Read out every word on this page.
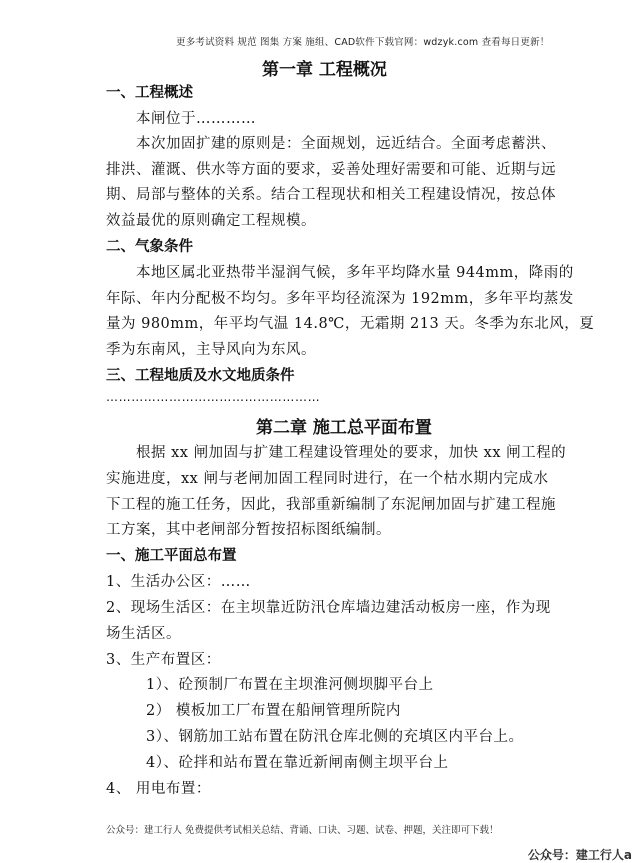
更多考试资料 规范 图集 方案 施组、CAD软件下载官网：wdzyk.com 查看每日更新！
第一章 工程概况
一、工程概述
本闸位于…………
本次加固扩建的原则是：全面规划，远近结合。全面考虑蓄洪、
排洪、灌溉、供水等方面的要求，妥善处理好需要和可能、近期与远
期、局部与整体的关系。结合工程现状和相关工程建设情况，按总体
效益最优的原则确定工程规模。
二、气象条件
本地区属北亚热带半湿润气候，多年平均降水量 944mm，降雨的
年际、年内分配极不均匀。多年平均径流深为 192mm，多年平均蒸发
量为 980mm，年平均气温 14.8℃，无霜期 213 天。冬季为东北风，夏
季为东南风，主导风向为东风。
三、工程地质及水文地质条件
……………………………………………
第二章 施工总平面布置
根据 xx 闸加固与扩建工程建设管理处的要求，加快 xx 闸工程的
实施进度，xx 闸与老闸加固工程同时进行，在一个枯水期内完成水
下工程的施工任务，因此，我部重新编制了东泥闸加固与扩建工程施
工方案，其中老闸部分暂按招标图纸编制。
一、施工平面总布置
1、生活办公区：……
2、现场生活区：在主坝靠近防汛仓库墙边建活动板房一座，作为现
场生活区。
3、生产布置区：
1）、砼预制厂布置在主坝淮河侧坝脚平台上
2） 模板加工厂布置在船闸管理所院内
3）、钢筋加工站布置在防汛仓库北侧的充填区内平台上。
4）、砼拌和站布置在靠近新闸南侧主坝平台上
4、 用电布置：
公众号：建工行人 免费提供考试相关总结、背诵、口诀、习题、试卷、押题，关注即可下载！
公众号：建工行人a
